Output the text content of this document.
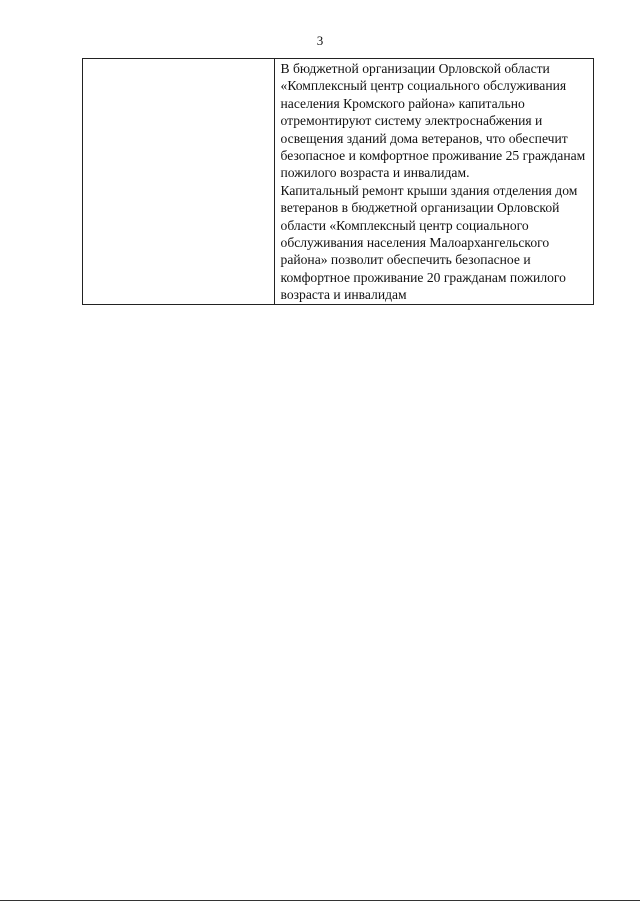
3

В бюджетной организации Орловской области «Комплексный центр социального обслуживания населения Кромского района» капитально отремонтируют систему электроснабжения и освещения зданий дома ветеранов, что обеспечит безопасное и комфортное проживание 25 гражданам пожилого возраста и инвалидам.
Капитальный ремонт крыши здания отделения дом ветеранов в бюджетной организации Орловской области «Комплексный центр социального обслуживания населения Малоархангельского района» позволит обеспечить безопасное и комфортное проживание 20 гражданам пожилого возраста и инвалидам
